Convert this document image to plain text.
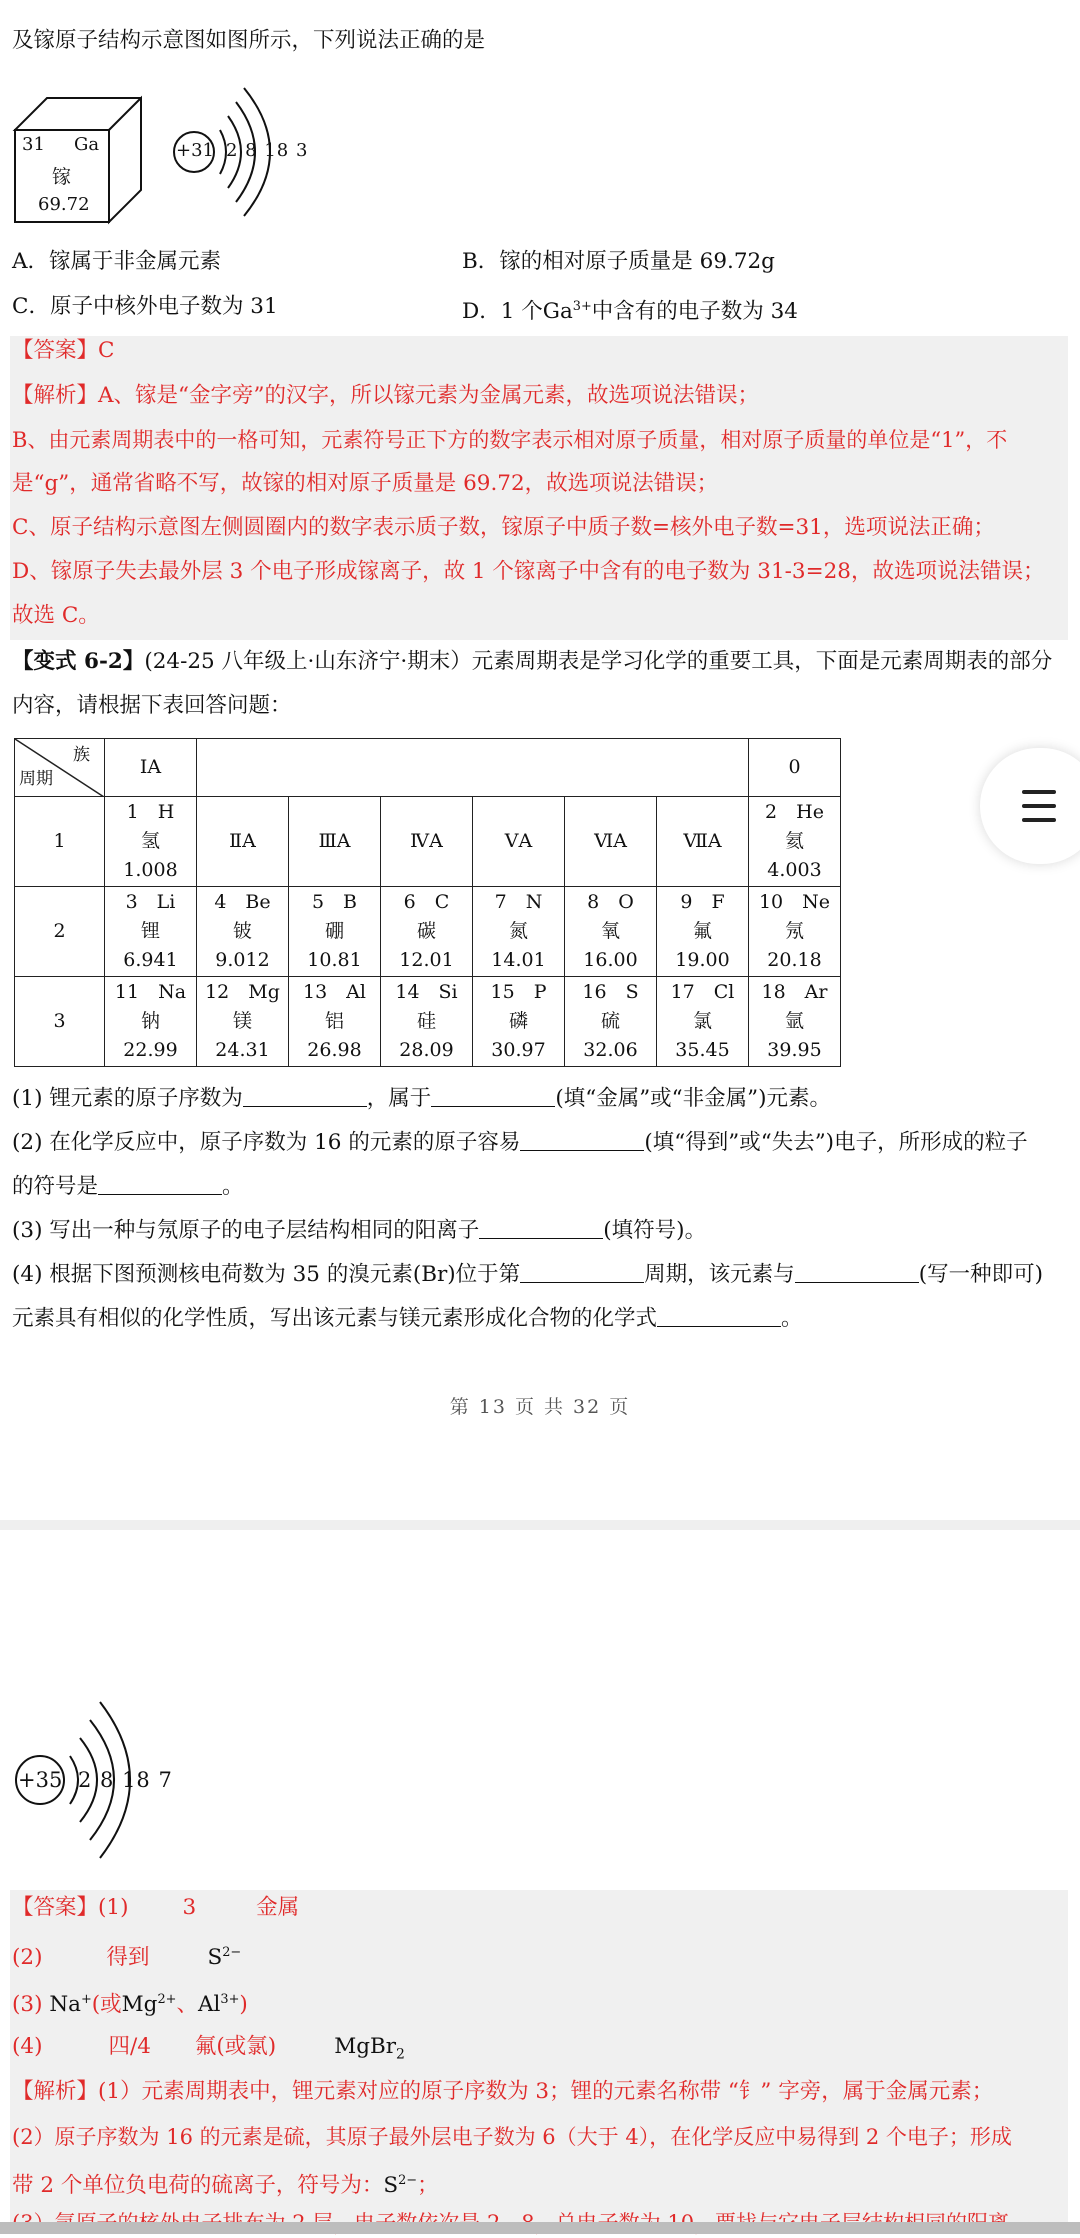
及镓原子结构示意图如图所示，下列说法正确的是
31 Ga
镓
69.72
+31 2 8 18 3
A．镓属于非金属元素	B．镓的相对原子质量是 69.72g
C．原子中核外电子数为 31	D．1 个$Ga^{3+}$中含有的电子数为 34
【答案】C
【解析】A、镓是“金字旁”的汉字，所以镓元素为金属元素，故选项说法错误；
B、由元素周期表中的一格可知，元素符号正下方的数字表示相对原子质量，相对原子质量的单位是“1”，不
是“g”，通常省略不写，故镓的相对原子质量是 69.72，故选项说法错误；
C、原子结构示意图左侧圆圈内的数字表示质子数，镓原子中质子数=核外电子数=31，选项说法正确；
D、镓原子失去最外层 3 个电子形成镓离子，故 1 个镓离子中含有的电子数为 31-3=28，故选项说法错误；
故选 C。
【变式 6-2】(24-25 八年级上·山东济宁·期末）元素周期表是学习化学的重要工具，下面是元素周期表的部分
内容，请根据下表回答问题：
族
周期	ⅠA							0
1	1　H
氢
1.008	ⅡA	ⅢA	ⅣA	ⅤA	ⅥA	ⅦA	2　He
氦
4.003

2	3　Li
锂
6.941	4　Be
铍
9.012	5　B
硼
10.81	6　C
碳
12.01	7　N
氮
14.01	8　O
氧
16.00	9　F
氟
19.00	10　Ne
氖
20.18

3	11　Na
钠
22.99	12　Mg
镁
24.31	13　Al
铝
26.98	14　Si
硅
28.09	15　P
磷
30.97	16　S
硫
32.06	17　Cl
氯
35.45	18　Ar
氩
39.95
(1) 锂元素的原子序数为	，属于	(填“金属”或“非金属”)元素。
(2) 在化学反应中，原子序数为 16 的元素的原子容易	(填“得到”或“失去”)电子，所形成的粒子
的符号是	。
(3) 写出一种与氖原子的电子层结构相同的阳离子	(填符号)。
(4) 根据下图预测核电荷数为 35 的溴元素(Br)位于第	周期，该元素与	(写一种即可)
元素具有相似的化学性质，写出该元素与镁元素形成化合物的化学式	。
第 13 页 共 32 页
+35 2 8 18 7
【答案】(1)	3	金属
(2)	得到	$S^{2-}$
(3) Na+(或$Mg^{2+}$、$Al^{3+}$)
(4)	四/4 氟(或氯)	MgBr$_2$
【解析】(1）元素周期表中，锂元素对应的原子序数为 3；锂的元素名称带 “钅” 字旁，属于金属元素；
(2）原子序数为 16 的元素是硫，其原子最外层电子数为 6（大于 4），在化学反应中易得到 2 个电子；形成
带 2 个单位负电荷的硫离子，符号为：$S^{2-}$；
